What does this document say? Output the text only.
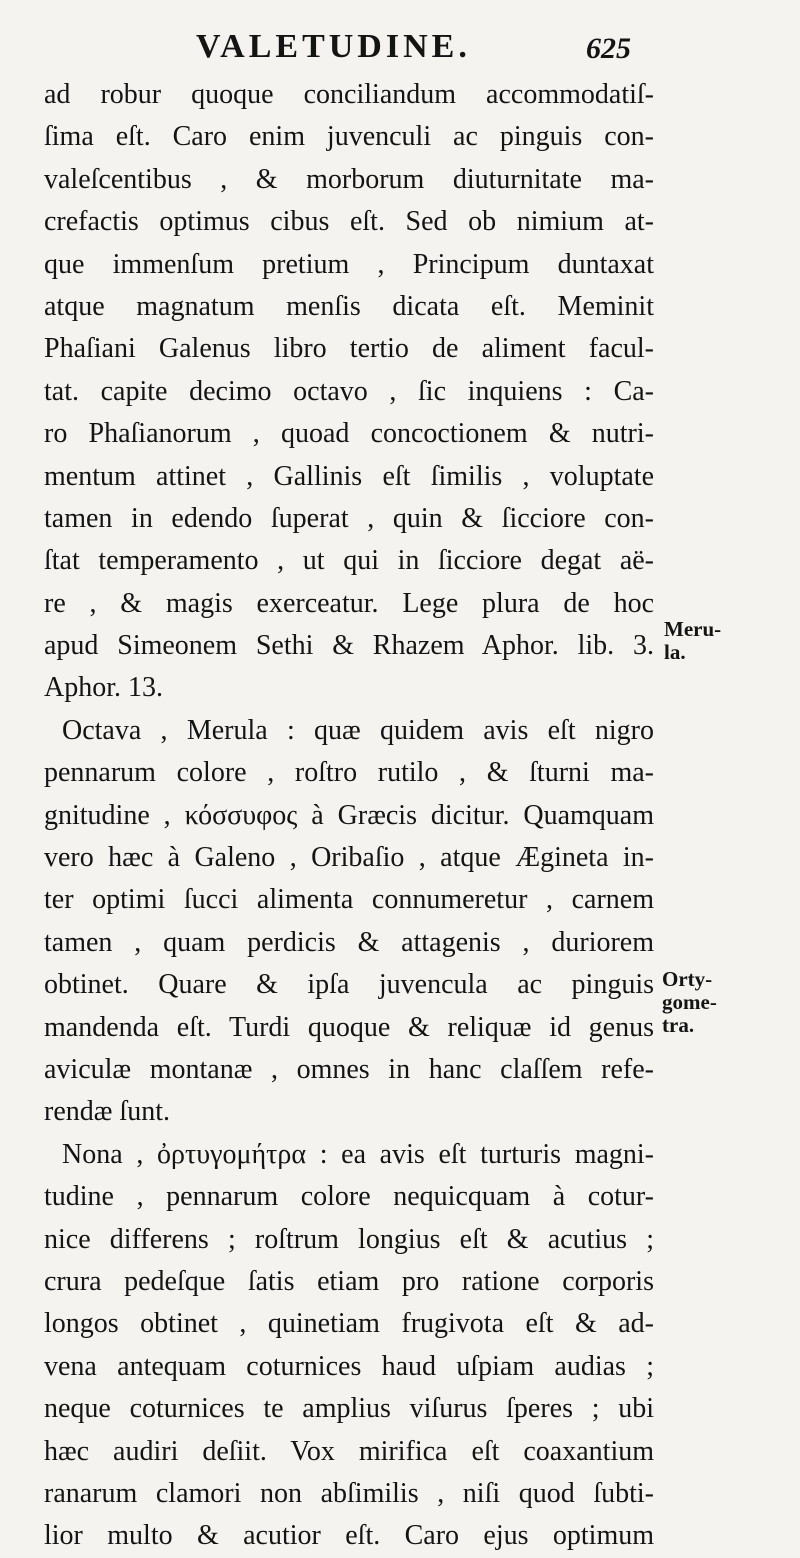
VALETUDINE.	625
ad robur quoque conciliandum accommodatiſ-
ſima eſt. Caro enim juvenculi ac pinguis con-
valeſcentibus , & morborum diuturnitate ma-
crefactis optimus cibus eſt. Sed ob nimium at-
que immenſum pretium , Principum duntaxat
atque magnatum menſis dicata eſt. Meminit
Phaſiani Galenus libro tertio de aliment facul-
tat. capite decimo octavo , ſic inquiens : Ca-
ro Phaſianorum , quoad concoctionem & nutri-
mentum attinet , Gallinis eſt ſimilis , voluptate
tamen in edendo ſuperat , quin & ſicciore con-
ſtat temperamento , ut qui in ſicciore degat aë-
re , & magis exerceatur. Lege plura de hoc
apud Simeonem Sethi & Rhazem Aphor. lib. 3.
Aphor. 13.
Octava , Merula : quæ quidem avis eſt nigro
pennarum colore , roſtro rutilo , & ſturni ma-
gnitudine , κόσσυφος à Græcis dicitur. Quamquam
vero hæc à Galeno , Oribaſio , atque Ægineta in-
ter optimi ſucci alimenta connumeretur , carnem
tamen , quam perdicis & attagenis , duriorem
obtinet. Quare & ipſa juvencula ac pinguis
mandenda eſt. Turdi quoque & reliquæ id genus
aviculæ montanæ , omnes in hanc claſſem refe-
rendæ ſunt.
Nona , ὀρτυγομήτρα : ea avis eſt turturis magni-
tudine , pennarum colore nequicquam à cotur-
nice differens ; roſtrum longius eſt & acutius ;
crura pedeſque ſatis etiam pro ratione corporis
longos obtinet , quinetiam frugivota eſt & ad-
vena antequam coturnices haud uſpiam audias ;
neque coturnices te amplius viſurus ſperes ; ubi
hæc audiri deſiit. Vox mirifica eſt coaxantium
ranarum clamori non abſimilis , niſi quod ſubti-
lior multo & acutior eſt. Caro ejus optimum
Meru-
la.
Orty-
gome-
tra.
